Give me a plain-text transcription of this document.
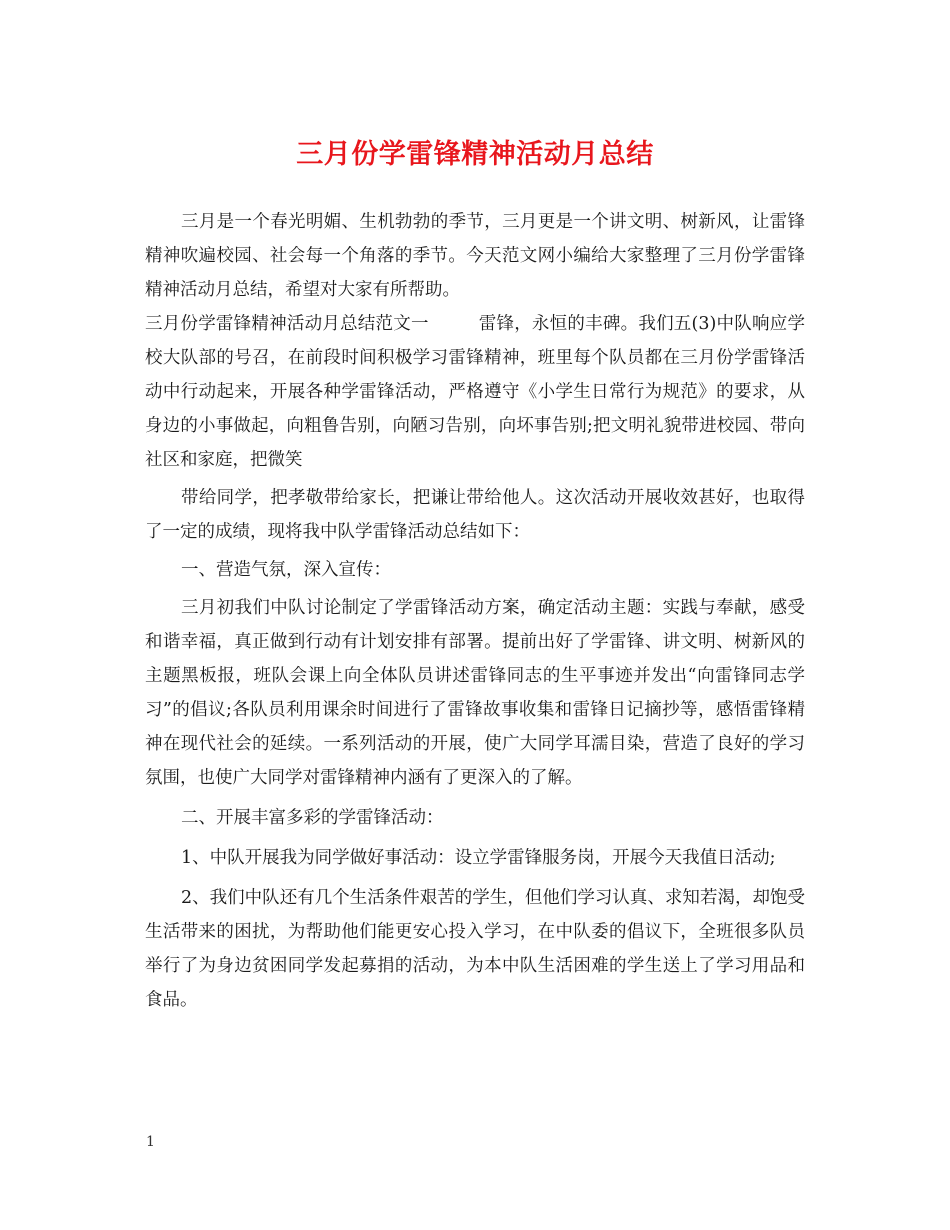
三月份学雷锋精神活动月总结

三月是一个春光明媚、生机勃勃的季节，三月更是一个讲文明、树新风，让雷锋精神吹遍校园、社会每一个角落的季节。今天范文网小编给大家整理了三月份学雷锋精神活动月总结，希望对大家有所帮助。

三月份学雷锋精神活动月总结范文一	雷锋，永恒的丰碑。我们五(3)中队响应学校大队部的号召，在前段时间积极学习雷锋精神，班里每个队员都在三月份学雷锋活动中行动起来，开展各种学雷锋活动，严格遵守《小学生日常行为规范》的要求，从身边的小事做起，向粗鲁告别，向陋习告别，向坏事告别;把文明礼貌带进校园、带向社区和家庭，把微笑

带给同学，把孝敬带给家长，把谦让带给他人。这次活动开展收效甚好，也取得了一定的成绩，现将我中队学雷锋活动总结如下：

一、营造气氛，深入宣传：

三月初我们中队讨论制定了学雷锋活动方案，确定活动主题：实践与奉献，感受和谐幸福，真正做到行动有计划安排有部署。提前出好了学雷锋、讲文明、树新风的主题黑板报，班队会课上向全体队员讲述雷锋同志的生平事迹并发出“向雷锋同志学习”的倡议;各队员利用课余时间进行了雷锋故事收集和雷锋日记摘抄等，感悟雷锋精神在现代社会的延续。一系列活动的开展，使广大同学耳濡目染，营造了良好的学习氛围，也使广大同学对雷锋精神内涵有了更深入的了解。

二、开展丰富多彩的学雷锋活动：

1、中队开展我为同学做好事活动：设立学雷锋服务岗，开展今天我值日活动;

2、我们中队还有几个生活条件艰苦的学生，但他们学习认真、求知若渴，却饱受生活带来的困扰，为帮助他们能更安心投入学习，在中队委的倡议下，全班很多队员举行了为身边贫困同学发起募捐的活动，为本中队生活困难的学生送上了学习用品和食品。

1
